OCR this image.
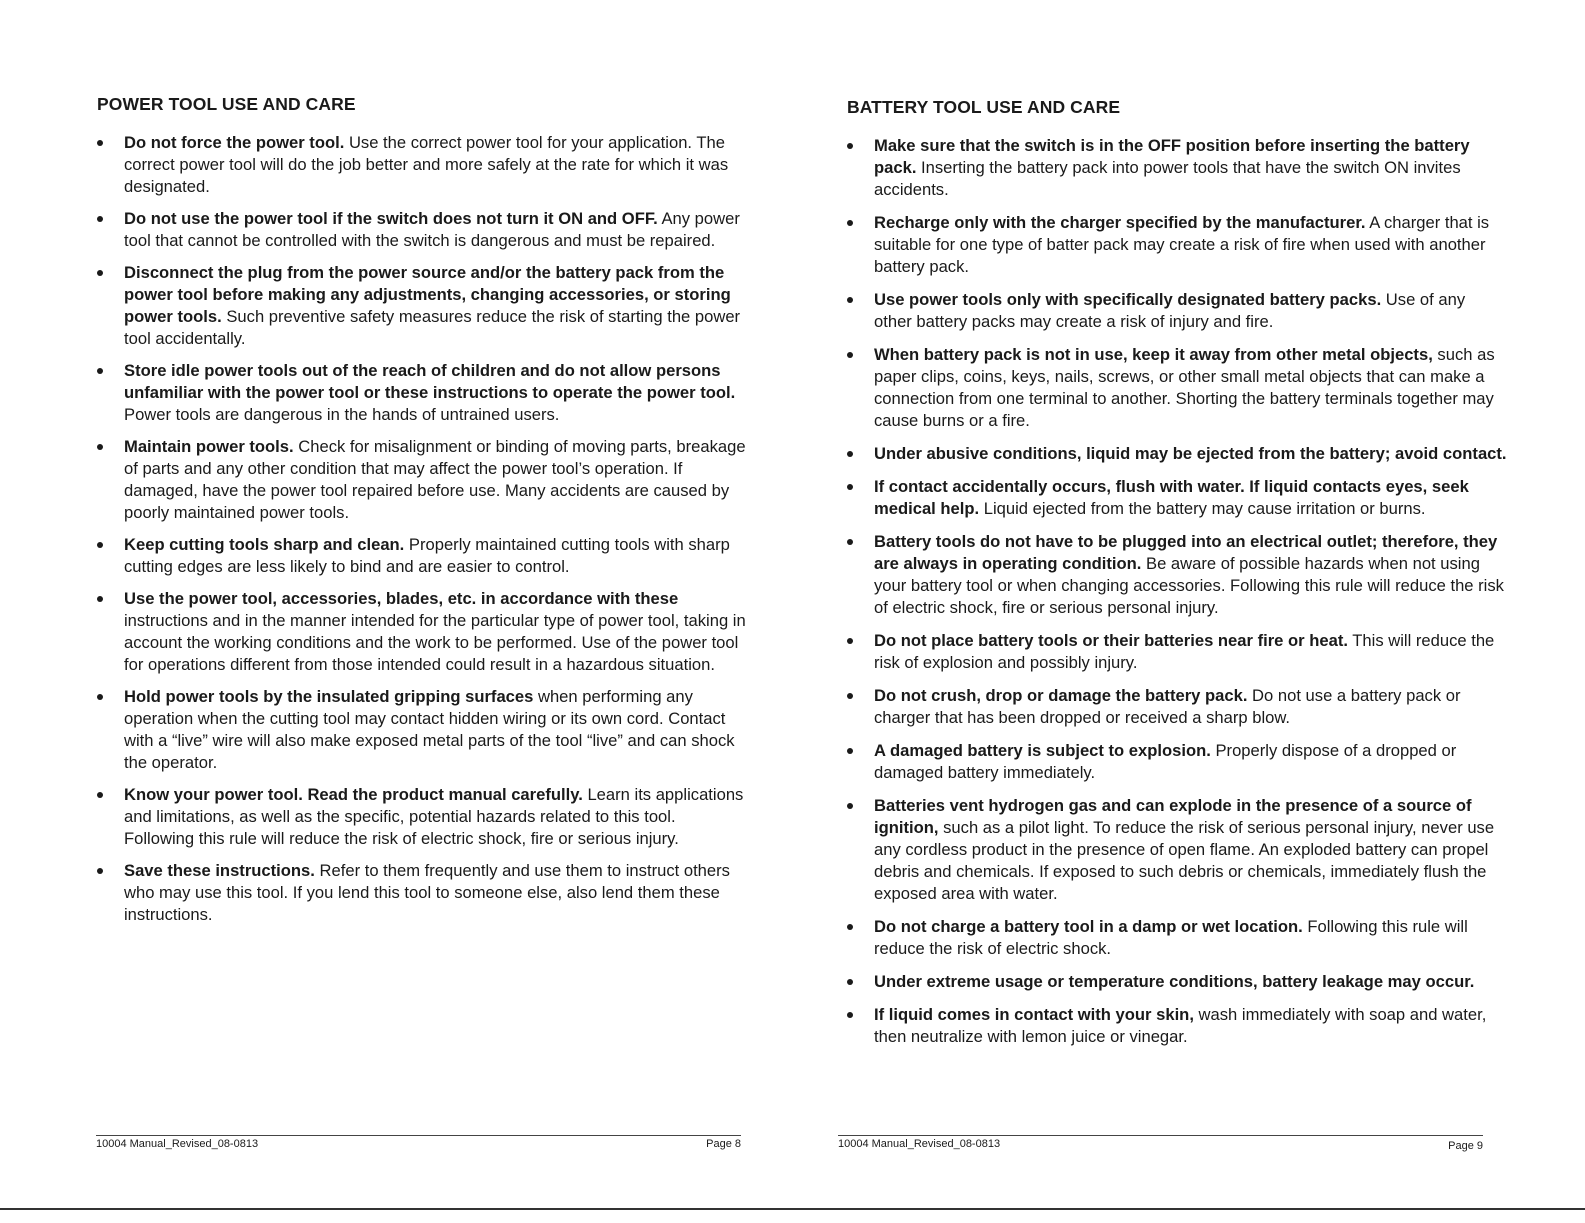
POWER TOOL USE AND CARE
Do not force the power tool. Use the correct power tool for your application. The correct power tool will do the job better and more safely at the rate for which it was designated.
Do not use the power tool if the switch does not turn it ON and OFF. Any power tool that cannot be controlled with the switch is dangerous and must be repaired.
Disconnect the plug from the power source and/or the battery pack from the power tool before making any adjustments, changing accessories, or storing power tools. Such preventive safety measures reduce the risk of starting the power tool accidentally.
Store idle power tools out of the reach of children and do not allow persons unfamiliar with the power tool or these instructions to operate the power tool. Power tools are dangerous in the hands of untrained users.
Maintain power tools. Check for misalignment or binding of moving parts, breakage of parts and any other condition that may affect the power tool’s operation. If damaged, have the power tool repaired before use. Many accidents are caused by poorly maintained power tools.
Keep cutting tools sharp and clean. Properly maintained cutting tools with sharp cutting edges are less likely to bind and are easier to control.
Use the power tool, accessories, blades, etc. in accordance with these instructions and in the manner intended for the particular type of power tool, taking in account the working conditions and the work to be performed. Use of the power tool for operations different from those intended could result in a hazardous situation.
Hold power tools by the insulated gripping surfaces when performing any operation when the cutting tool may contact hidden wiring or its own cord. Contact with a “live” wire will also make exposed metal parts of the tool “live” and can shock the operator.
Know your power tool. Read the product manual carefully. Learn its applications and limitations, as well as the specific, potential hazards related to this tool. Following this rule will reduce the risk of electric shock, fire or serious injury.
Save these instructions. Refer to them frequently and use them to instruct others who may use this tool. If you lend this tool to someone else, also lend them these instructions.
BATTERY TOOL USE AND CARE
Make sure that the switch is in the OFF position before inserting the battery pack. Inserting the battery pack into power tools that have the switch ON invites accidents.
Recharge only with the charger specified by the manufacturer. A charger that is suitable for one type of batter pack may create a risk of fire when used with another battery pack.
Use power tools only with specifically designated battery packs. Use of any other battery packs may create a risk of injury and fire.
When battery pack is not in use, keep it away from other metal objects, such as paper clips, coins, keys, nails, screws, or other small metal objects that can make a connection from one terminal to another. Shorting the battery terminals together may cause burns or a fire.
Under abusive conditions, liquid may be ejected from the battery; avoid contact.
If contact accidentally occurs, flush with water. If liquid contacts eyes, seek medical help. Liquid ejected from the battery may cause irritation or burns.
Battery tools do not have to be plugged into an electrical outlet; therefore, they are always in operating condition. Be aware of possible hazards when not using your battery tool or when changing accessories. Following this rule will reduce the risk of electric shock, fire or serious personal injury.
Do not place battery tools or their batteries near fire or heat. This will reduce the risk of explosion and possibly injury.
Do not crush, drop or damage the battery pack. Do not use a battery pack or charger that has been dropped or received a sharp blow.
A damaged battery is subject to explosion. Properly dispose of a dropped or damaged battery immediately.
Batteries vent hydrogen gas and can explode in the presence of a source of ignition, such as a pilot light. To reduce the risk of serious personal injury, never use any cordless product in the presence of open flame. An exploded battery can propel debris and chemicals. If exposed to such debris or chemicals, immediately flush the exposed area with water.
Do not charge a battery tool in a damp or wet location. Following this rule will reduce the risk of electric shock.
Under extreme usage or temperature conditions, battery leakage may occur.
If liquid comes in contact with your skin, wash immediately with soap and water, then neutralize with lemon juice or vinegar.
10004 Manual_Revised_08-0813	Page 8	10004 Manual_Revised_08-0813	Page 9
